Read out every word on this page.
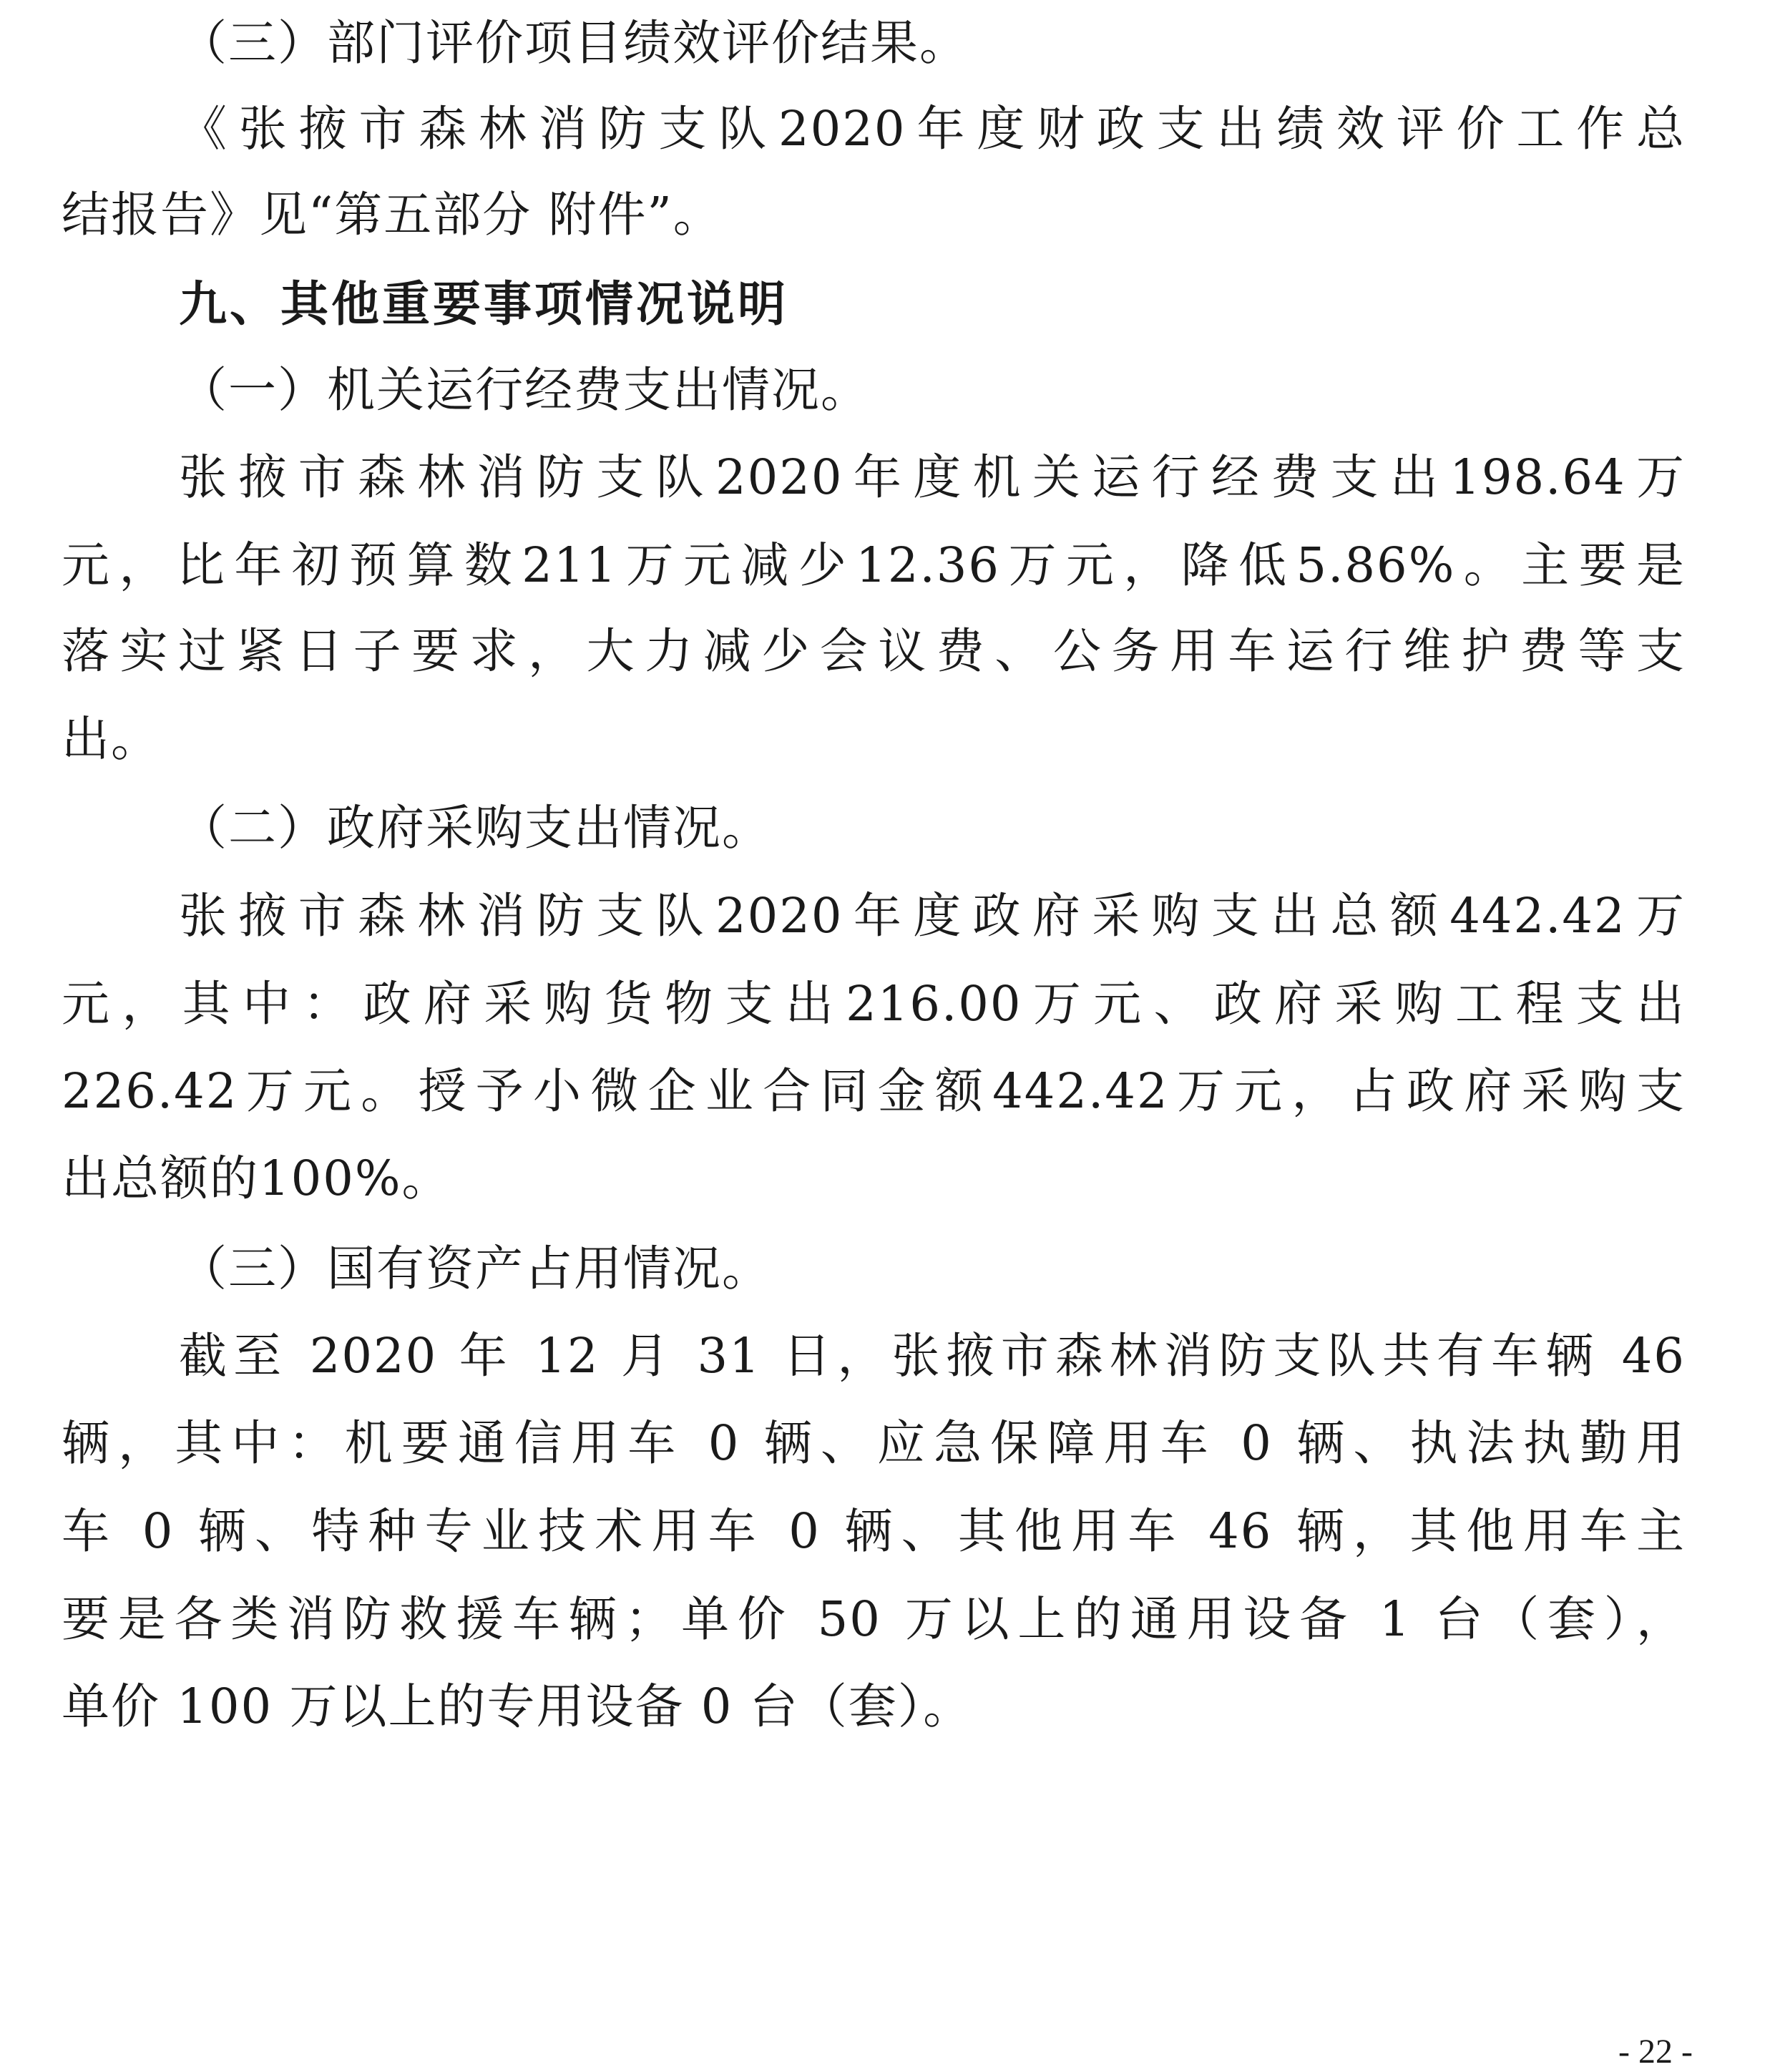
（三）部门评价项目绩效评价结果。
《张掖市森林消防支队2020年度财政支出绩效评价工作总
结报告》见“第五部分 附件”。
九、其他重要事项情况说明
（一）机关运行经费支出情况。
张掖市森林消防支队2020年度机关运行经费支出198.64万
元，比年初预算数211万元减少12.36万元，降低5.86%。主要是
落实过紧日子要求，大力减少会议费、公务用车运行维护费等支
出。
（二）政府采购支出情况。
张掖市森林消防支队2020年度政府采购支出总额442.42万
元，其中：政府采购货物支出216.00万元、政府采购工程支出
226.42万元。授予小微企业合同金额442.42万元，占政府采购支
出总额的100%。
（三）国有资产占用情况。
截至 2020 年 12 月 31 日，张掖市森林消防支队共有车辆 46
辆，其中：机要通信用车 0 辆、应急保障用车 0 辆、执法执勤用
车 0 辆、特种专业技术用车 0 辆、其他用车 46 辆，其他用车主
要是各类消防救援车辆；单价 50 万以上的通用设备 1 台（套），
单价 100 万以上的专用设备 0 台（套）。
- 22 -
